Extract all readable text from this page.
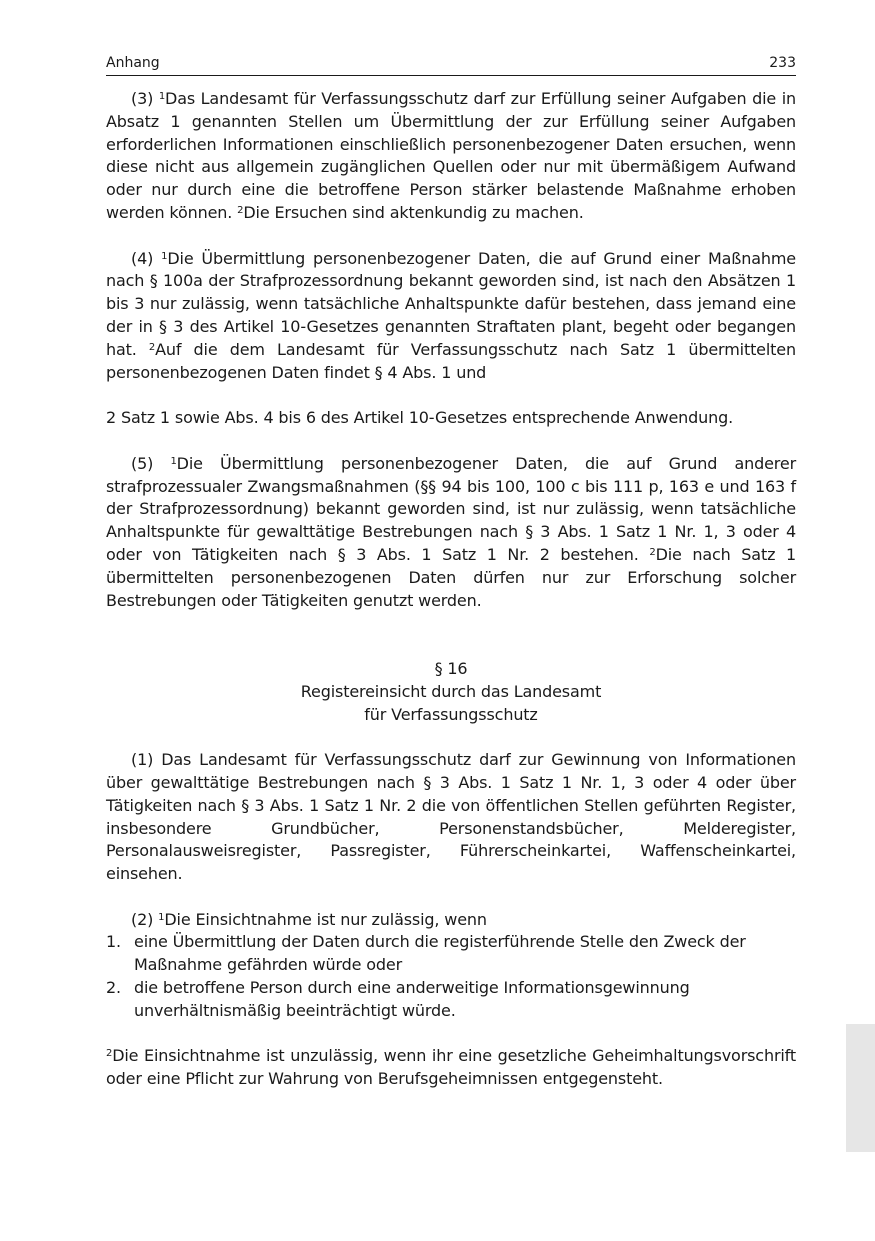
Anhang	233

(3) $^1$Das Landesamt für Verfassungsschutz darf zur Erfüllung seiner Aufgaben die in Absatz 1 genannten Stellen um Übermittlung der zur Erfüllung seiner Aufgaben erforderlichen Informationen einschließlich personenbezogener Daten ersuchen, wenn diese nicht aus allgemein zugänglichen Quellen oder nur mit übermäßigem Aufwand oder nur durch eine die betroffene Person stärker belastende Maßnahme erhoben werden können. $^2$Die Ersuchen sind aktenkundig zu machen.

(4) $^1$Die Übermittlung personenbezogener Daten, die auf Grund einer Maßnahme nach § 100a der Strafprozessordnung bekannt geworden sind, ist nach den Absätzen 1 bis 3 nur zulässig, wenn tatsächliche Anhaltspunkte dafür bestehen, dass jemand eine der in § 3 des Artikel 10-Gesetzes genannten Straftaten plant, begeht oder begangen hat. $^2$Auf die dem Landesamt für Verfassungsschutz nach Satz 1 übermittelten personenbezogenen Daten findet § 4 Abs. 1 und

2 Satz 1 sowie Abs. 4 bis 6 des Artikel 10-Gesetzes entsprechende Anwendung.

(5) $^1$Die Übermittlung personenbezogener Daten, die auf Grund anderer strafprozessualer Zwangsmaßnahmen (§§ 94 bis 100, 100 c bis 111 p, 163 e und 163 f der Strafprozessordnung) bekannt geworden sind, ist nur zulässig, wenn tatsächliche Anhaltspunkte für gewalttätige Bestrebungen nach § 3 Abs. 1 Satz 1 Nr. 1, 3 oder 4 oder von Tätigkeiten nach § 3 Abs. 1 Satz 1 Nr. 2 bestehen. $^2$Die nach Satz 1 übermittelten personenbezogenen Daten dürfen nur zur Erforschung solcher Bestrebungen oder Tätigkeiten genutzt werden.

§ 16

Registereinsicht durch das Landesamt

für Verfassungsschutz

(1) Das Landesamt für Verfassungsschutz darf zur Gewinnung von Informationen über gewalttätige Bestrebungen nach § 3 Abs. 1 Satz 1 Nr. 1, 3 oder 4 oder über Tätigkeiten nach § 3 Abs. 1 Satz 1 Nr. 2 die von öffentlichen Stellen geführten Register, insbesondere Grundbücher, Personenstandsbücher, Melderegister, Personalausweisregister, Passregister, Führerscheinkartei, Waffenscheinkartei, einsehen.

(2) $^1$Die Einsichtnahme ist nur zulässig, wenn

1. eine Übermittlung der Daten durch die registerführende Stelle den Zweck der Maßnahme gefährden würde oder
2. die betroffene Person durch eine anderweitige Informationsgewinnung unverhältnismäßig beeinträchtigt würde.

$^2$Die Einsichtnahme ist unzulässig, wenn ihr eine gesetzliche Geheimhaltungsvorschrift oder eine Pflicht zur Wahrung von Berufsgeheimnissen entgegensteht.
